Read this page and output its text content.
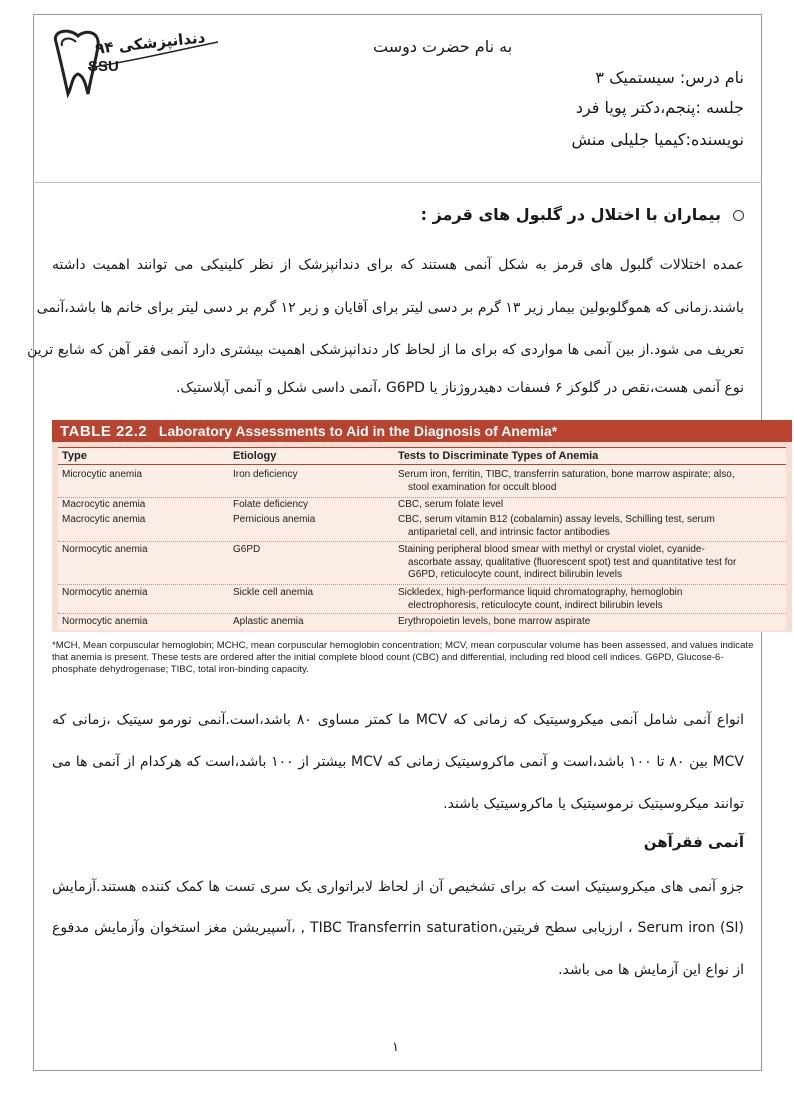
دندانپزشکی ۹۴
SSU
به نام حضرت دوست
نام درس: سیستمیک ۳
جلسه :پنجم،دکتر پویا فرد
نویسنده:کیمیا جلیلی منش
بیماران با اختلال در گلبول های قرمز :
عمده اختلالات گلبول های قرمز به شکل آنمی هستند که برای دندانپزشک از نظر کلینیکی می توانند اهمیت داشته
باشند.زمانی که هموگلوبولین بیمار زیر ۱۳ گرم بر دسی لیتر برای آقایان و زیر ۱۲ گرم بر دسی لیتر برای خانم ها باشد،آنمی
تعریف می شود.از بین آنمی ها مواردی که برای ما از لحاظ کار دندانپزشکی اهمیت بیشتری دارد آنمی فقر آهن که شایع ترین
نوع آنمی هست،نقص در گلوکز ۶ فسفات دهیدروژناز یا G6PD ،آنمی داسی شکل و آنمی آپلاستیک.
TABLE 22.2 Laboratory Assessments to Aid in the Diagnosis of Anemia*
Type	Etiology	Tests to Discriminate Types of Anemia
Microcytic anemia	Iron deficiency	Serum iron, ferritin, TIBC, transferrin saturation, bone marrow aspirate; also, stool examination for occult blood
Macrocytic anemia	Folate deficiency	CBC, serum folate level
Macrocytic anemia	Pernicious anemia	CBC, serum vitamin B12 (cobalamin) assay levels, Schilling test, serum antiparietal cell, and intrinsic factor antibodies
Normocytic anemia	G6PD	Staining peripheral blood smear with methyl or crystal violet, cyanide-ascorbate assay, qualitative (fluorescent spot) test and quantitative test for G6PD, reticulocyte count, indirect bilirubin levels
Normocytic anemia	Sickle cell anemia	Sickledex, high-performance liquid chromatography, hemoglobin electrophoresis, reticulocyte count, indirect bilirubin levels
Normocytic anemia	Aplastic anemia	Erythropoietin levels, bone marrow aspirate
*MCH, Mean corpuscular hemoglobin; MCHC, mean corpuscular hemoglobin concentration; MCV, mean corpuscular volume has been assessed, and values indicate that anemia is present. These tests are ordered after the initial complete blood count (CBC) and differential, including red blood cell indices. G6PD, Glucose-6-phosphate dehydrogenase; TIBC, total iron-binding capacity.
انواع آنمی شامل آنمی میکروسیتیک که زمانی که MCV ما کمتر مساوی ۸۰ باشد،است.آنمی نورمو سیتیک ،زمانی که
MCV بین ۸۰ تا ۱۰۰ باشد،است و آنمی ماکروسیتیک زمانی که MCV بیشتر از ۱۰۰ باشد،است که هرکدام از آنمی ها می
توانند میکروسیتیک نرموسیتیک یا ماکروسیتیک باشند.
آنمی فقرآهن
جزو آنمی های میکروسیتیک است که برای تشخیص آن از لحاظ لابراتواری یک سری تست ها کمک کننده هستند.آزمایش
Serum iron (SI) ، ارزیابی سطح فریتین،TIBC Transferrin saturation , ،آسپیریشن مغز استخوان وآزمایش مدفوع
از نواع این آزمایش ها می باشد.
۱
